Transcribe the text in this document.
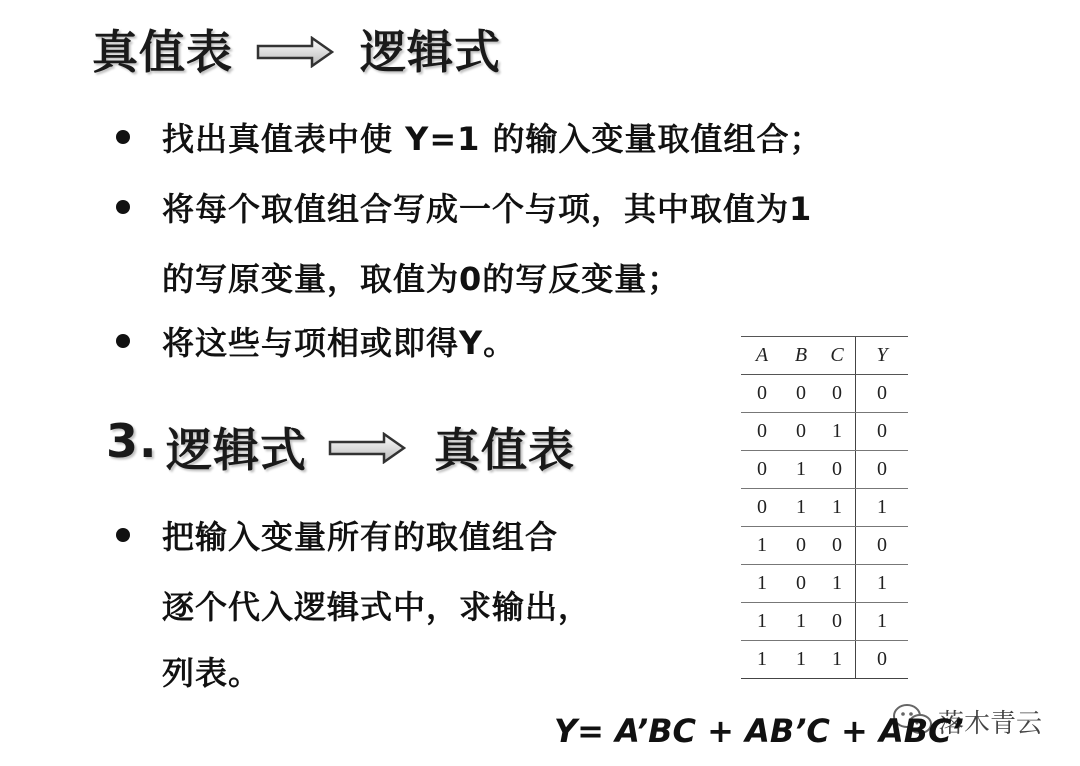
真值表	逻辑式
找出真值表中使 Y=1 的输入变量取值组合；
将每个取值组合写成一个与项，其中取值为1
的写原变量，取值为0的写反变量；
将这些与项相或即得Y。
3. 逻辑式	真值表
把输入变量所有的取值组合
逐个代入逻辑式中，求输出，
列表。
A	B	C	Y
0	0	0	0
0	0	1	0
0	1	0	0
0	1	1	1
1	0	0	0
1	0	1	1
1	1	0	1
1	1	1	0
落木青云
Y= A’BC + AB’C + ABC’
